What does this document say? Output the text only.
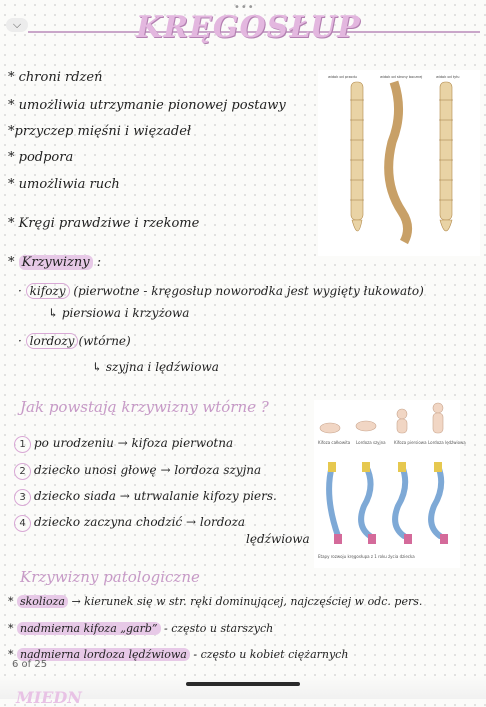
•••
⌵	KRĘGOSŁUP
* chroni rdzeń
* umożliwia utrzymanie pionowej postawy
*przyczep mięśni i więzadeł
* podpora
* umożliwia ruch
* Kręgi prawdziwe i rzekome
* Krzywizny :
· kifozy (pierwotne - kręgosłup noworodka jest wygięty łukowato)
↳ piersiowa i krzyżowa
· lordozy (wtórne)
↳ szyjna i lędźwiowa
Jak powstają krzywizny wtórne ?
1 po urodzeniu → kifoza pierwotna
2 dziecko unosi głowę → lordoza szyjna
3 dziecko siada → utrwalanie kifozy piers.
4 dziecko zaczyna chodzić → lordoza
lędźwiowa
Krzywizny patologiczne
* skolioza → kierunek się w str. ręki dominującej, najczęściej w odc. pers.
* nadmierna kifoza „garb” - często u starszych
* nadmierna lordoza lędźwiowa - często u kobiet ciężarnych
widok od przodu	widok od strony bocznej	widok od tyłu
Kifoza całkowita Lordoza szyjna Kifoza piersiowa Lordoza lędźwiowa
Etapy rozwoju kręgosłupa z 1 roku życia dziecka
6 of 25
MIEDN
